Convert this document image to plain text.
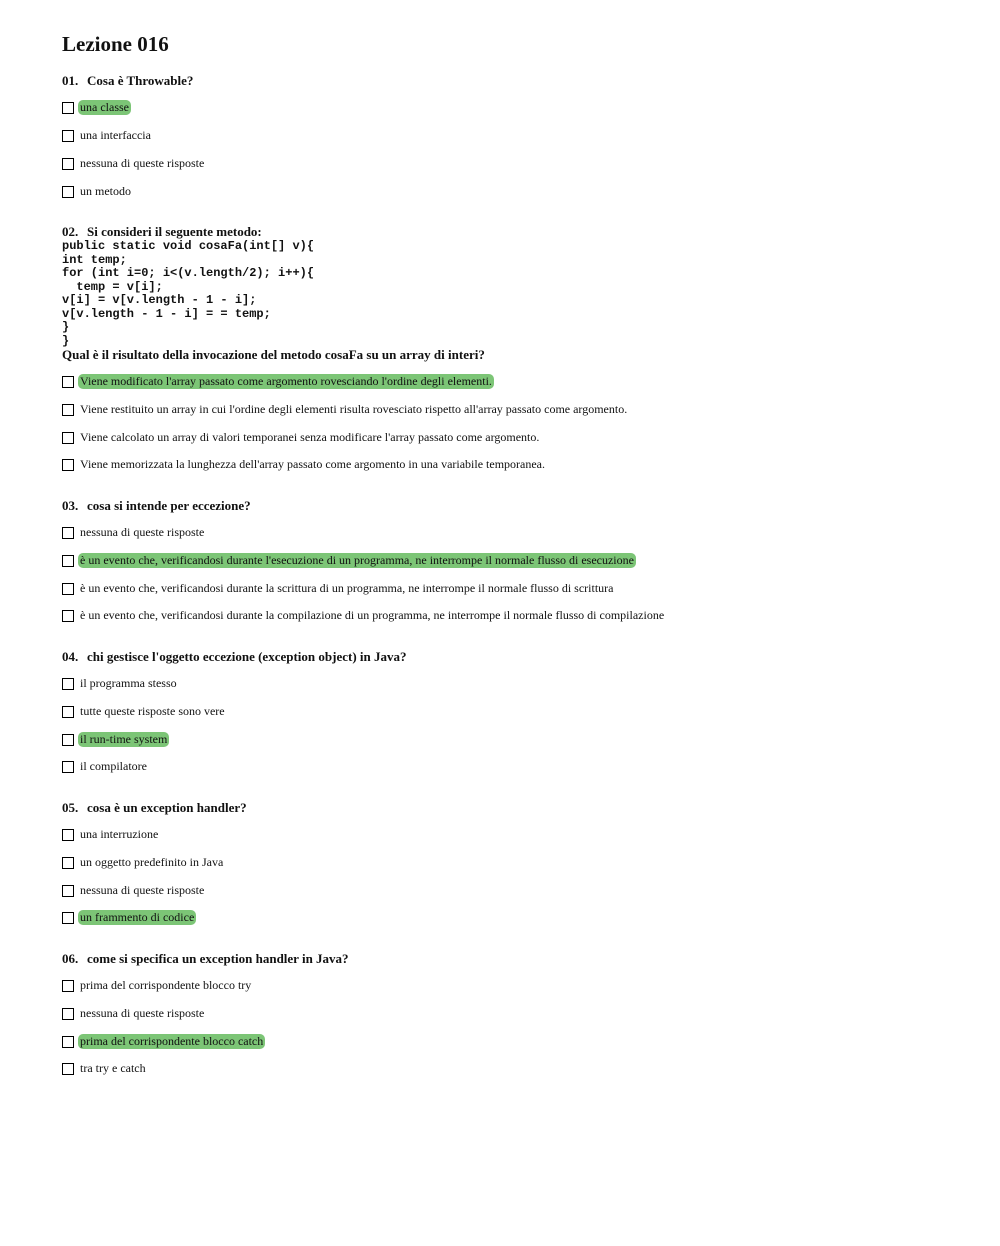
Lezione 016
01. Cosa è Throwable?
una classe
una interfaccia
nessuna di queste risposte
un metodo
02. Si consideri il seguente metodo:
public static void cosaFa(int[] v){
int temp;
for (int i=0; i<(v.length/2); i++){
temp = v[i];
v[i] = v[v.length - 1 - i];
v[v.length - 1 - i] = = temp;
}
}
Qual è il risultato della invocazione del metodo cosaFa su un array di interi?
Viene modificato l'array passato come argomento rovesciando l'ordine degli elementi.
Viene restituito un array in cui l'ordine degli elementi risulta rovesciato rispetto all'array passato come argomento.
Viene calcolato un array di valori temporanei senza modificare l'array passato come argomento.
Viene memorizzata la lunghezza dell'array passato come argomento in una variabile temporanea.
03. cosa si intende per eccezione?
nessuna di queste risposte
è un evento che, verificandosi durante l'esecuzione di un programma, ne interrompe il normale flusso di esecuzione
è un evento che, verificandosi durante la scrittura di un programma, ne interrompe il normale flusso di scrittura
è un evento che, verificandosi durante la compilazione di un programma, ne interrompe il normale flusso di compilazione
04. chi gestisce l'oggetto eccezione (exception object) in Java?
il programma stesso
tutte queste risposte sono vere
il run-time system
il compilatore
05. cosa è un exception handler?
una interruzione
un oggetto predefinito in Java
nessuna di queste risposte
un frammento di codice
06. come si specifica un exception handler in Java?
prima del corrispondente blocco try
nessuna di queste risposte
prima del corrispondente blocco catch
tra try e catch
